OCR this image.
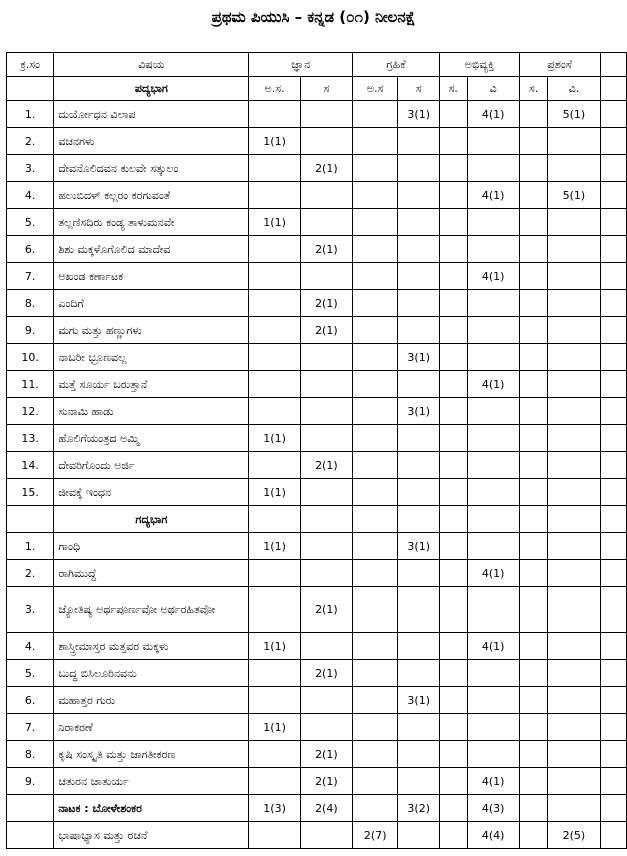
ಪ್ರಥಮ ಪಿಯುಸಿ – ಕನ್ನಡ (೦೧) ನೀಲನಕ್ಷೆ
ಕ್ರ.ಸಂ	ವಿಷಯ	ಜ್ಞಾನ		ಗ್ರಹಿಕೆ		ಅಭಿವ್ಯಕ್ತಿ		ಪ್ರಶಂಸೆ		
	ಪದ್ಯಭಾಗ	ಅ.ಸ.	ಸ	ಅ.ಸ	ಸ	ಸ.	ವಿ	ಸ.	ವಿ.	
1.	ದುರ್ಯೋಧನ ವಿಲಾಪ				3(1)		4(1)		5(1)	
2.	ವಚನಗಳು	1(1)								
3.	ದೇವನೊಲಿದವನ ಕುಲವೇ ಸತ್ಕುಲಂ		2(1)							
4.	ಹಲುಬಿದಳ್ ಕಲ್ಲರಂ ಕರಗುವಂತೆ						4(1)		5(1)	
5.	ತಲ್ಲಣಿಸದಿರು ಕಂಡ್ಯ ತಾಳುಮನವೇ	1(1)								
6.	ಶಿಶು ಮಕ್ಕಳೊಗೊಲಿದ ಮಾದೇವ		2(1)							
7.	ಅಖಂಡ ಕರ್ಣಾಟಕ						4(1)			
8.	ಎಂದಿಗೆ		2(1)							
9.	ಮಗು ಮತ್ತು ಹಣ್ಣುಗಳು		2(1)							
10.	ನಾಬರೀ ಭ್ರೂಣವಲ್ಲ				3(1)					
11.	ಮತ್ತೆ ಸೂರ್ಯ ಬರುತ್ತಾನೆ						4(1)			
12.	ಸುನಾಮಿ ಹಾಡು				3(1)					
13.	ಹೊಲಿಗೆಯಂತ್ರದ ಅಮ್ಮಿ	1(1)								
14.	ದೇವರಿಗೊಂದು ಅರ್ಜಿ		2(1)							
15.	ಜೀವಕ್ಕೆ ಇಂಧನ	1(1)								
	ಗದ್ಯಭಾಗ									
1.	ಗಾಂಧಿ	1(1)			3(1)					
2.	ರಾಗಿಮುದ್ದೆ						4(1)			
3.	ಜ್ಯೋತಿಷ್ಯ ಅರ್ಥಪೂರ್ಣವೋ ಅರ್ಥರಹಿತವೋ		2(1)							
4.	ಶಾಸ್ತ್ರೀಮಾಸ್ತರ ಮತ್ತವರ ಮಕ್ಕಳು	1(1)					4(1)			
5.	ಬುದ್ಧ ಬಿಸಿಲೂರಿನವನು		2(1)							
6.	ಮಹಾತ್ತರ ಗುರು				3(1)					
7.	ನಿರಾಕರಣೆ	1(1)								
8.	ಕೃಷಿ ಸಂಸ್ಕೃತಿ ಮತ್ತು ಜಾಗತೀಕರಣ		2(1)							
9.	ಚತುರನ ಚಾತುರ್ಯ		2(1)				4(1)			
	ನಾಟಕ : ಬೋಳೇಶಂಕರ	1(3)	2(4)		3(2)		4(3)			
	ಭಾಷಾಭ್ಯಾಸ ಮತ್ತು ರಚನೆ			2(7)			4(4)		2(5)	
